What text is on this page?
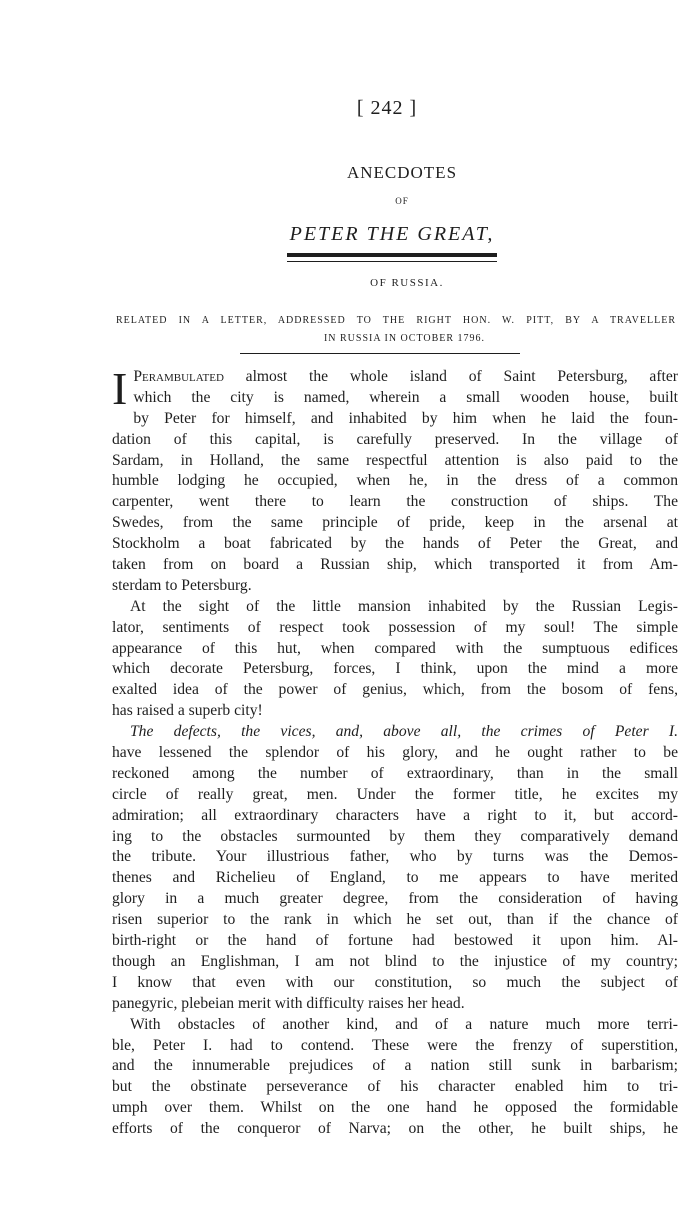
[ 242 ]
ANECDOTES
OF
PETER THE GREAT,
OF RUSSIA.
RELATED IN A LETTER, ADDRESSED TO THE RIGHT HON. W. PITT, BY A TRAVELLER
IN RUSSIA IN OCTOBER 1796.
I Perambulated almost the whole island of Saint Petersburg, after
which the city is named, wherein a small wooden house, built
by Peter for himself, and inhabited by him when he laid the foun-
dation of this capital, is carefully preserved. In the village of
Sardam, in Holland, the same respectful attention is also paid to the
humble lodging he occupied, when he, in the dress of a common
carpenter, went there to learn the construction of ships. The
Swedes, from the same principle of pride, keep in the arsenal at
Stockholm a boat fabricated by the hands of Peter the Great, and
taken from on board a Russian ship, which transported it from Am-
sterdam to Petersburg.
At the sight of the little mansion inhabited by the Russian Legis-
lator, sentiments of respect took possession of my soul! The simple
appearance of this hut, when compared with the sumptuous edifices
which decorate Petersburg, forces, I think, upon the mind a more
exalted idea of the power of genius, which, from the bosom of fens,
has raised a superb city!
The defects, the vices, and, above all, the crimes of Peter I.
have lessened the splendor of his glory, and he ought rather to be
reckoned among the number of extraordinary, than in the small
circle of really great, men. Under the former title, he excites my
admiration; all extraordinary characters have a right to it, but accord-
ing to the obstacles surmounted by them they comparatively demand
the tribute. Your illustrious father, who by turns was the Demos-
thenes and Richelieu of England, to me appears to have merited
glory in a much greater degree, from the consideration of having
risen superior to the rank in which he set out, than if the chance of
birth-right or the hand of fortune had bestowed it upon him. Al-
though an Englishman, I am not blind to the injustice of my country;
I know that even with our constitution, so much the subject of
panegyric, plebeian merit with difficulty raises her head.
With obstacles of another kind, and of a nature much more terri-
ble, Peter I. had to contend. These were the frenzy of superstition,
and the innumerable prejudices of a nation still sunk in barbarism;
but the obstinate perseverance of his character enabled him to tri-
umph over them. Whilst on the one hand he opposed the formidable
efforts of the conqueror of Narva; on the other, he built ships, he
